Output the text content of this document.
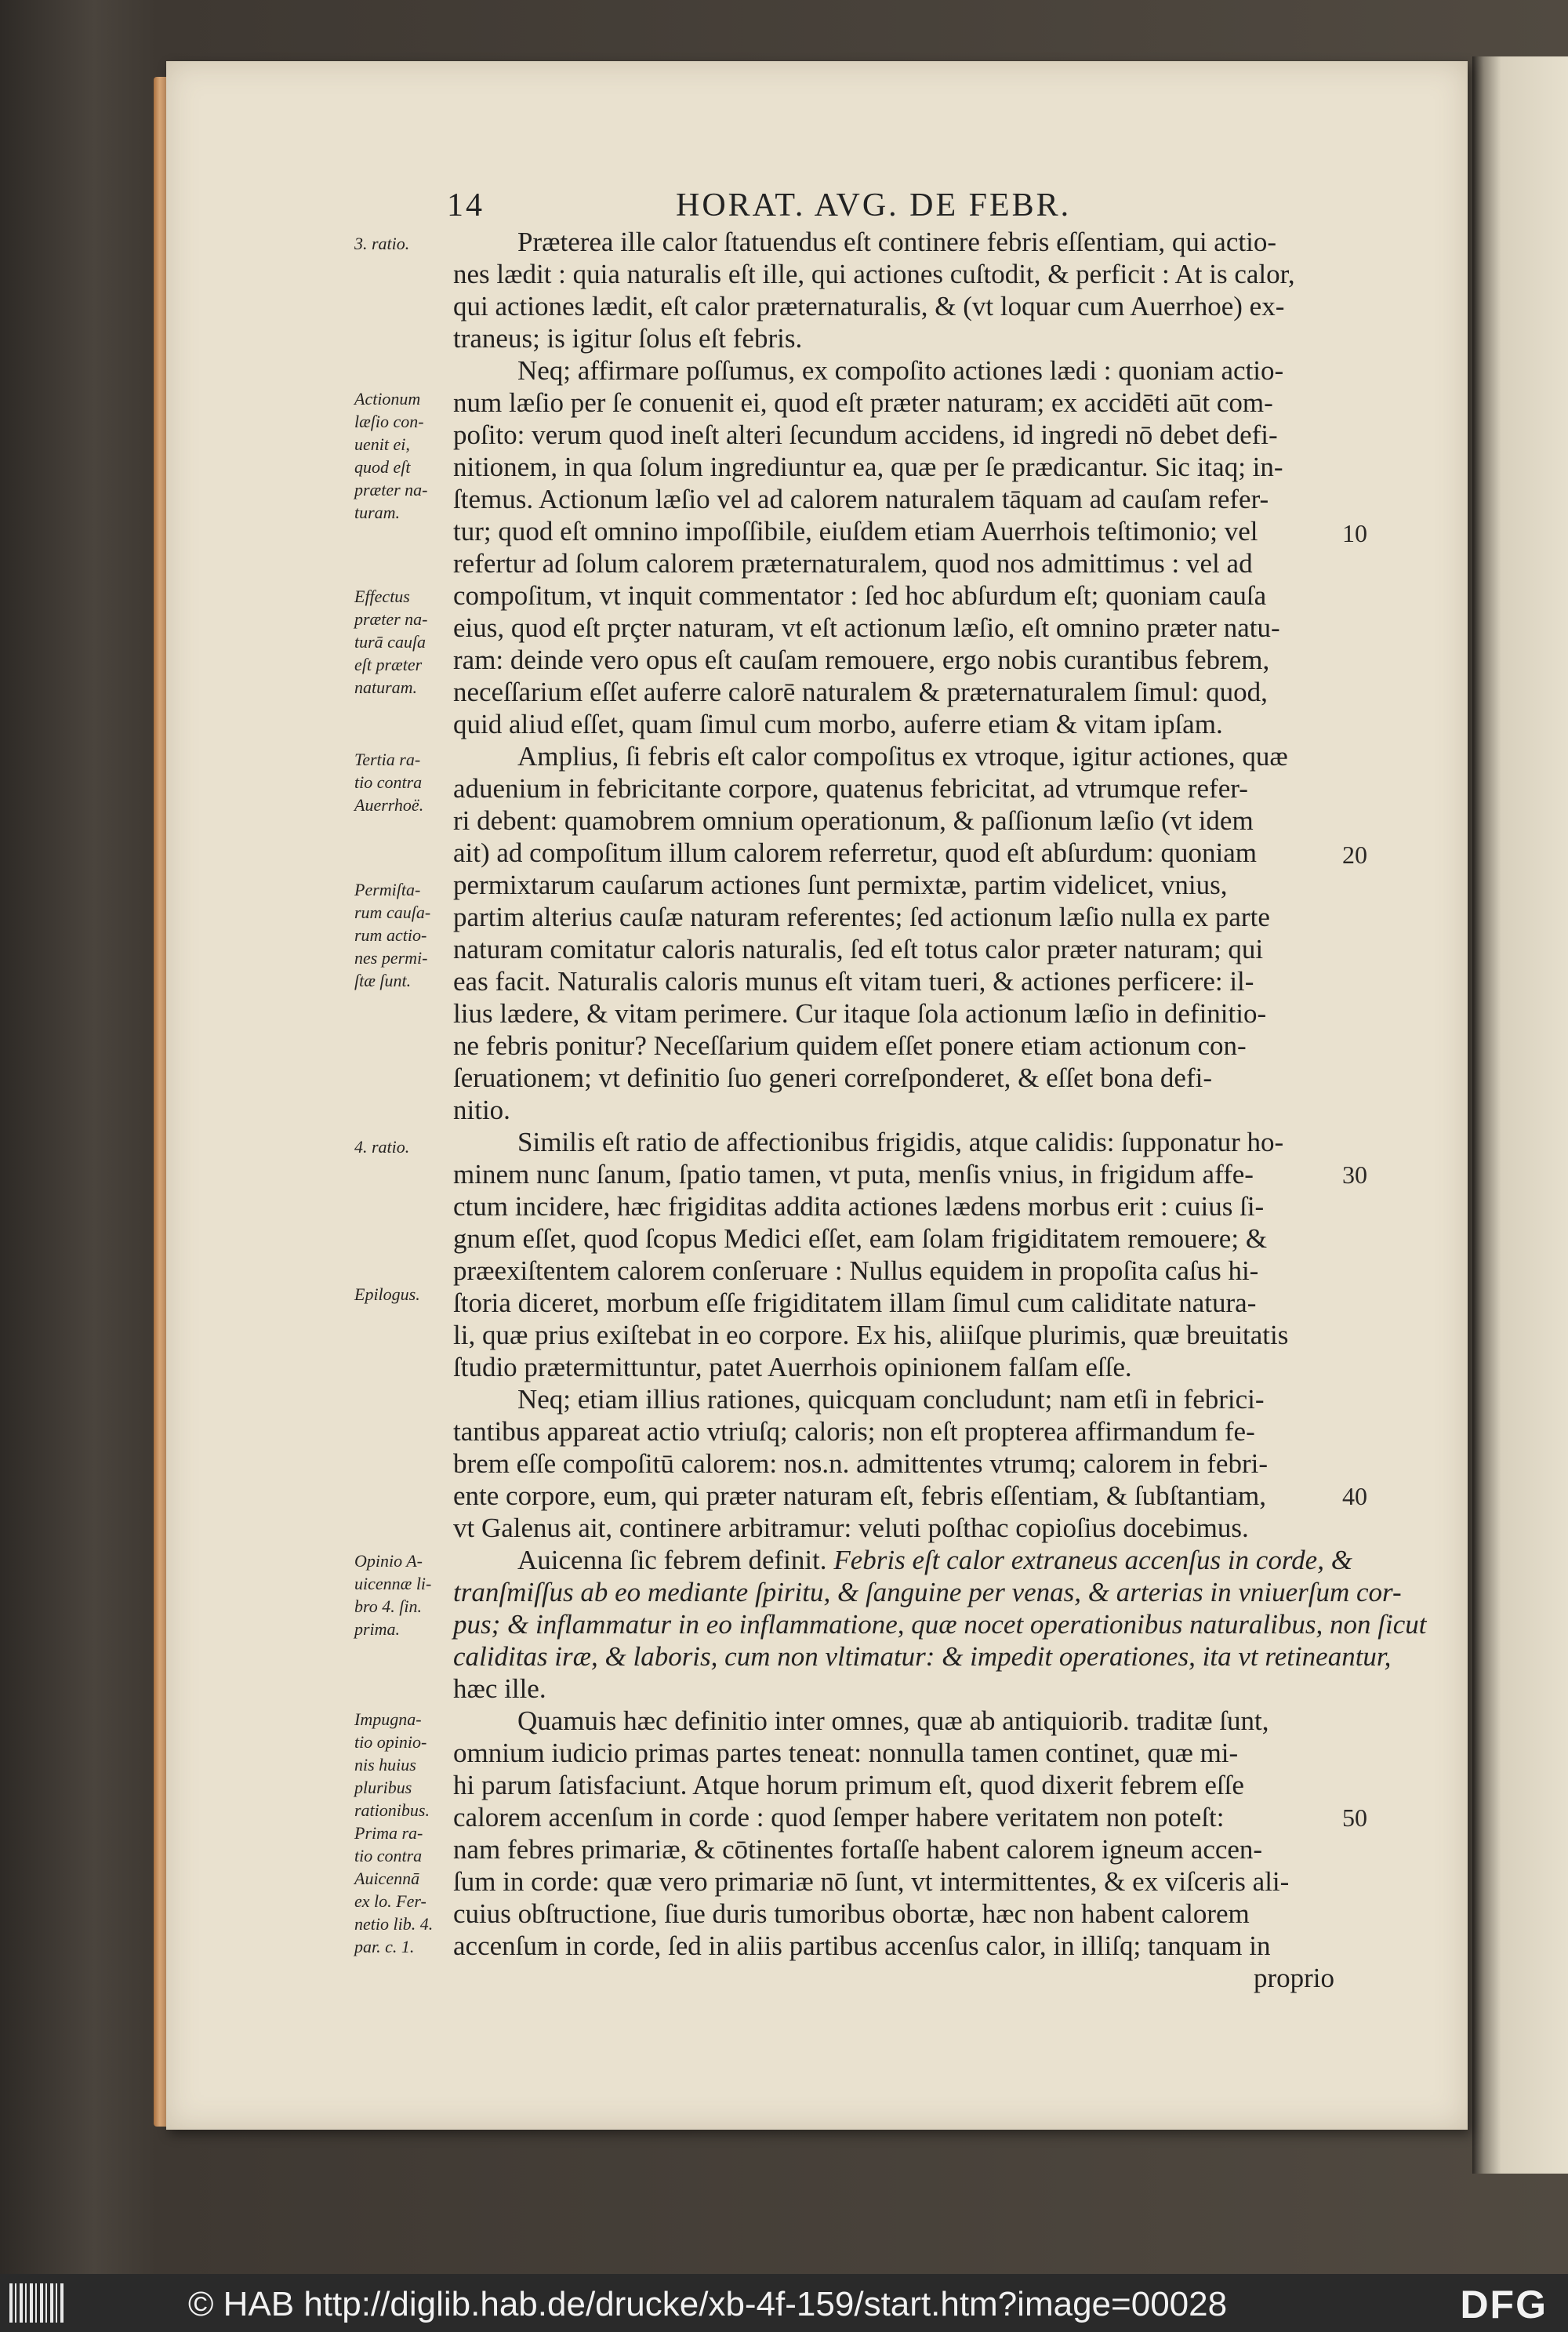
14	HORAT. AVG. DE FEBR.
Præterea ille calor ſtatuendus eſt continere febris eſſentiam, qui actio-
nes lædit : quia naturalis eſt ille, qui actiones cuſtodit, & perficit : At is calor,
qui actiones lædit, eſt calor præternaturalis, & (vt loquar cum Auerrhoe) ex-
traneus; is igitur ſolus eſt febris.
Neq; affirmare poſſumus, ex compoſito actiones lædi : quoniam actio-
num læſio per ſe conuenit ei, quod eſt præter naturam; ex accidēti aūt com-
poſito: verum quod ineſt alteri ſecundum accidens, id ingredi nō debet defi-
nitionem, in qua ſolum ingrediuntur ea, quæ per ſe prædicantur. Sic itaq; in-
ſtemus. Actionum læſio vel ad calorem naturalem tāquam ad cauſam refer-
tur; quod eſt omnino impoſſibile, eiuſdem etiam Auerrhois teſtimonio; vel
refertur ad ſolum calorem præternaturalem, quod nos admittimus : vel ad
compoſitum, vt inquit commentator : ſed hoc abſurdum eſt; quoniam cauſa
eius, quod eſt prçter naturam, vt eſt actionum læſio, eſt omnino præter natu-
ram: deinde vero opus eſt cauſam remouere, ergo nobis curantibus febrem,
neceſſarium eſſet auferre calorē naturalem & præternaturalem ſimul: quod,
quid aliud eſſet, quam ſimul cum morbo, auferre etiam & vitam ipſam.
Amplius, ſi febris eſt calor compoſitus ex vtroque, igitur actiones, quæ
aduenium in febricitante corpore, quatenus febricitat, ad vtrumque refer-
ri debent: quamobrem omnium operationum, & paſſionum læſio (vt idem
ait) ad compoſitum illum calorem referretur, quod eſt abſurdum: quoniam
permixtarum cauſarum actiones ſunt permixtæ, partim videlicet, vnius,
partim alterius cauſæ naturam referentes; ſed actionum læſio nulla ex parte
naturam comitatur caloris naturalis, ſed eſt totus calor præter naturam; qui
eas facit. Naturalis caloris munus eſt vitam tueri, & actiones perficere: il-
lius lædere, & vitam perimere. Cur itaque ſola actionum læſio in definitio-
ne febris ponitur? Neceſſarium quidem eſſet ponere etiam actionum con-
ſeruationem; vt definitio ſuo generi correſponderet, & eſſet bona defi-
nitio.
Similis eſt ratio de affectionibus frigidis, atque calidis: ſupponatur ho-
minem nunc ſanum, ſpatio tamen, vt puta, menſis vnius, in frigidum affe-
ctum incidere, hæc frigiditas addita actiones lædens morbus erit : cuius ſi-
gnum eſſet, quod ſcopus Medici eſſet, eam ſolam frigiditatem remouere; &
præexiſtentem calorem conſeruare : Nullus equidem in propoſita caſus hi-
ſtoria diceret, morbum eſſe frigiditatem illam ſimul cum caliditate natura-
li, quæ prius exiſtebat in eo corpore. Ex his, aliiſque plurimis, quæ breuitatis
ſtudio prætermittuntur, patet Auerrhois opinionem falſam eſſe.
Neq; etiam illius rationes, quicquam concludunt; nam etſi in febrici-
tantibus appareat actio vtriuſq; caloris; non eſt propterea affirmandum fe-
brem eſſe compoſitū calorem: nos.n. admittentes vtrumq; calorem in febri-
ente corpore, eum, qui præter naturam eſt, febris eſſentiam, & ſubſtantiam,
vt Galenus ait, continere arbitramur: veluti poſthac copioſius docebimus.
Auicenna ſic febrem definit. Febris eſt calor extraneus accenſus in corde, &
tranſmiſſus ab eo mediante ſpiritu, & ſanguine per venas, & arterias in vniuerſum cor-
pus; & inflammatur in eo inflammatione, quæ nocet operationibus naturalibus, non ſicut
caliditas iræ, & laboris, cum non vltimatur: & impedit operationes, ita vt retineantur,
hæc ille.
Quamuis hæc definitio inter omnes, quæ ab antiquiorib. traditæ ſunt,
omnium iudicio primas partes teneat: nonnulla tamen continet, quæ mi-
hi parum ſatisfaciunt. Atque horum primum eſt, quod dixerit febrem eſſe
calorem accenſum in corde : quod ſemper habere veritatem non poteſt:
nam febres primariæ, & cōtinentes fortaſſe habent calorem igneum accen-
ſum in corde: quæ vero primariæ nō ſunt, vt intermittentes, & ex viſceris ali-
cuius obſtructione, ſiue duris tumoribus obortæ, hæc non habent calorem
accenſum in corde, ſed in aliis partibus accenſus calor, in illiſq; tanquam in
proprio
3. ratio.
Actionum
læſio con-
uenit ei,
quod eſt
præter na-
turam.
Effectus
præter na-
turā cauſa
eſt præter
naturam.
Tertia ra-
tio contra
Auerrhoë.
Permiſta-
rum cauſa-
rum actio-
nes permi-
ſtæ ſunt.
4. ratio.
Epilogus.
Opinio A-
uicennæ li-
bro 4. ſin.
prima.
Impugna-
tio opinio-
nis huius
pluribus
rationibus.
Prima ra-
tio contra
Auicennā
ex lo. Fer-
netio lib. 4.
par. c. 1.
10
20
30
40
50
© HAB http://diglib.hab.de/drucke/xb-4f-159/start.htm?image=00028	DFG
